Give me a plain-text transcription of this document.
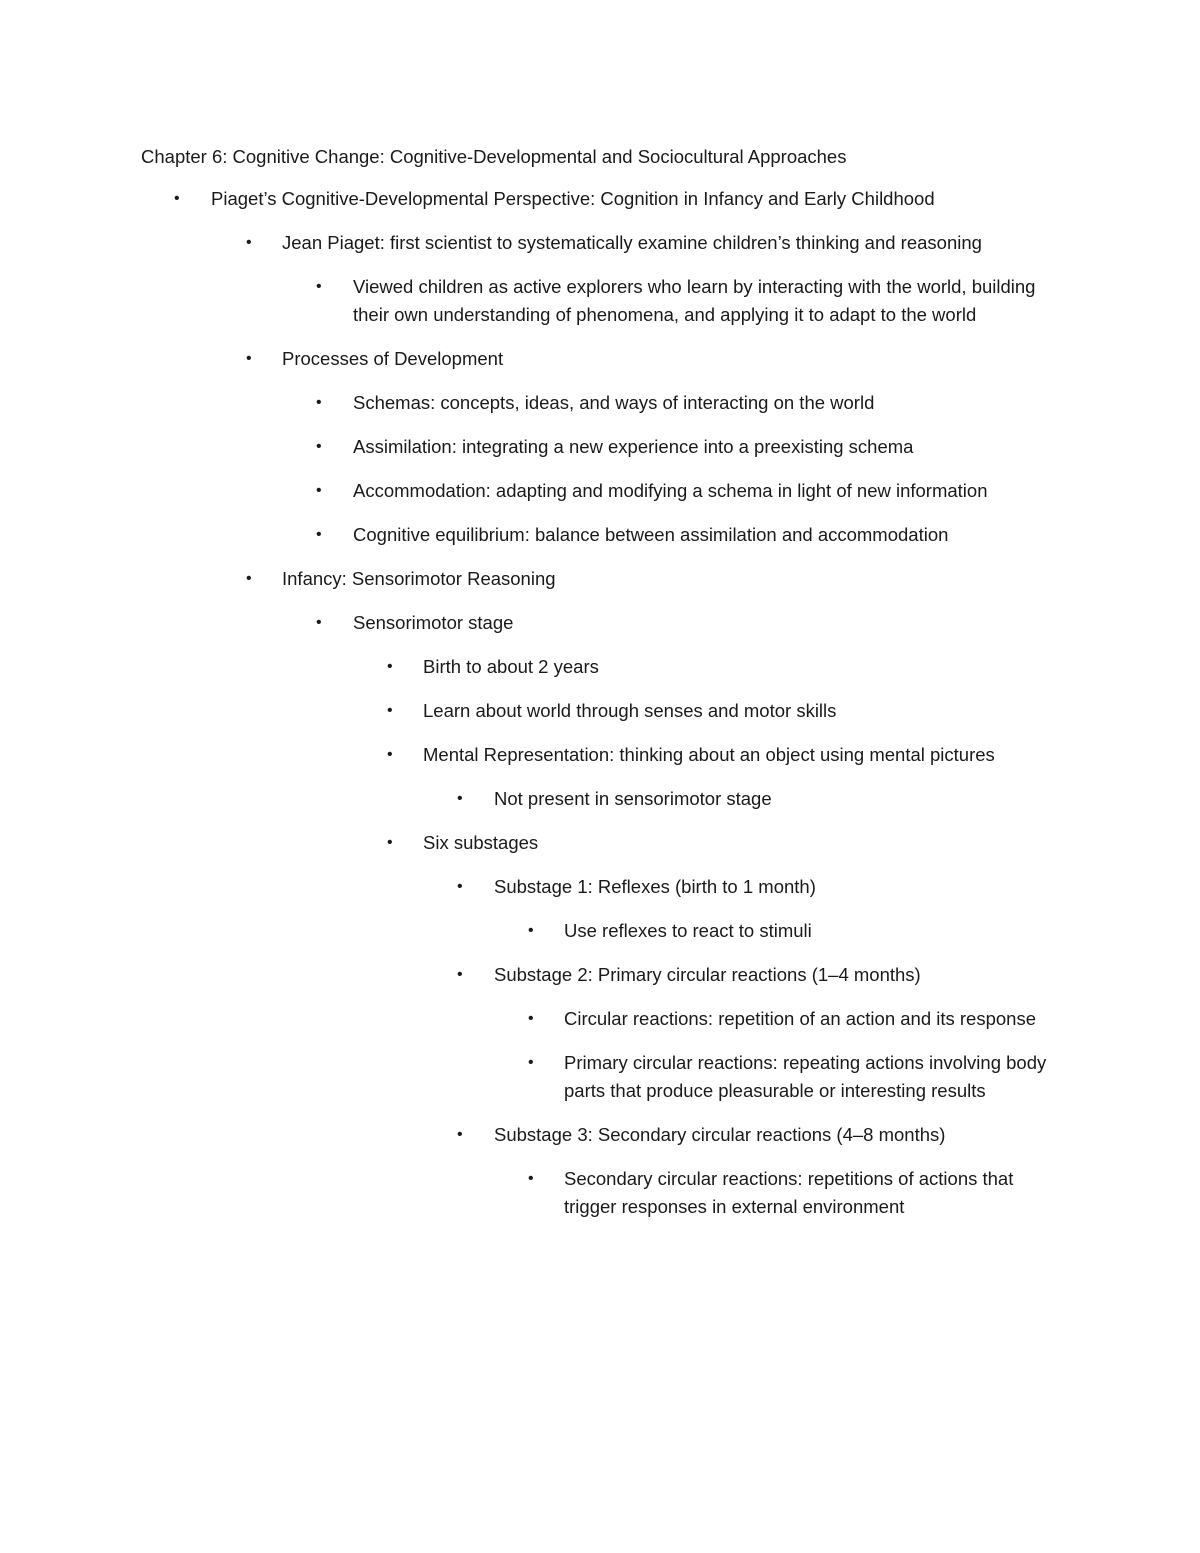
Chapter 6: Cognitive Change: Cognitive-Developmental and Sociocultural Approaches
•	Piaget’s Cognitive-Developmental Perspective: Cognition in Infancy and Early Childhood
•	Jean Piaget: first scientist to systematically examine children’s thinking and reasoning
•	Viewed children as active explorers who learn by interacting with the world, building their own understanding of phenomena, and applying it to adapt to the world
•	Processes of Development
•	Schemas: concepts, ideas, and ways of interacting on the world
•	Assimilation: integrating a new experience into a preexisting schema
•	Accommodation: adapting and modifying a schema in light of new information
•	Cognitive equilibrium: balance between assimilation and accommodation
•	Infancy: Sensorimotor Reasoning
•	Sensorimotor stage
•	Birth to about 2 years
•	Learn about world through senses and motor skills
•	Mental Representation: thinking about an object using mental pictures
•	Not present in sensorimotor stage
•	Six substages
•	Substage 1: Reflexes (birth to 1 month)
•	Use reflexes to react to stimuli
•	Substage 2: Primary circular reactions (1–4 months)
•	Circular reactions: repetition of an action and its response
•	Primary circular reactions: repeating actions involving body parts that produce pleasurable or interesting results
•	Substage 3: Secondary circular reactions (4–8 months)
•	Secondary circular reactions: repetitions of actions that trigger responses in external environment
